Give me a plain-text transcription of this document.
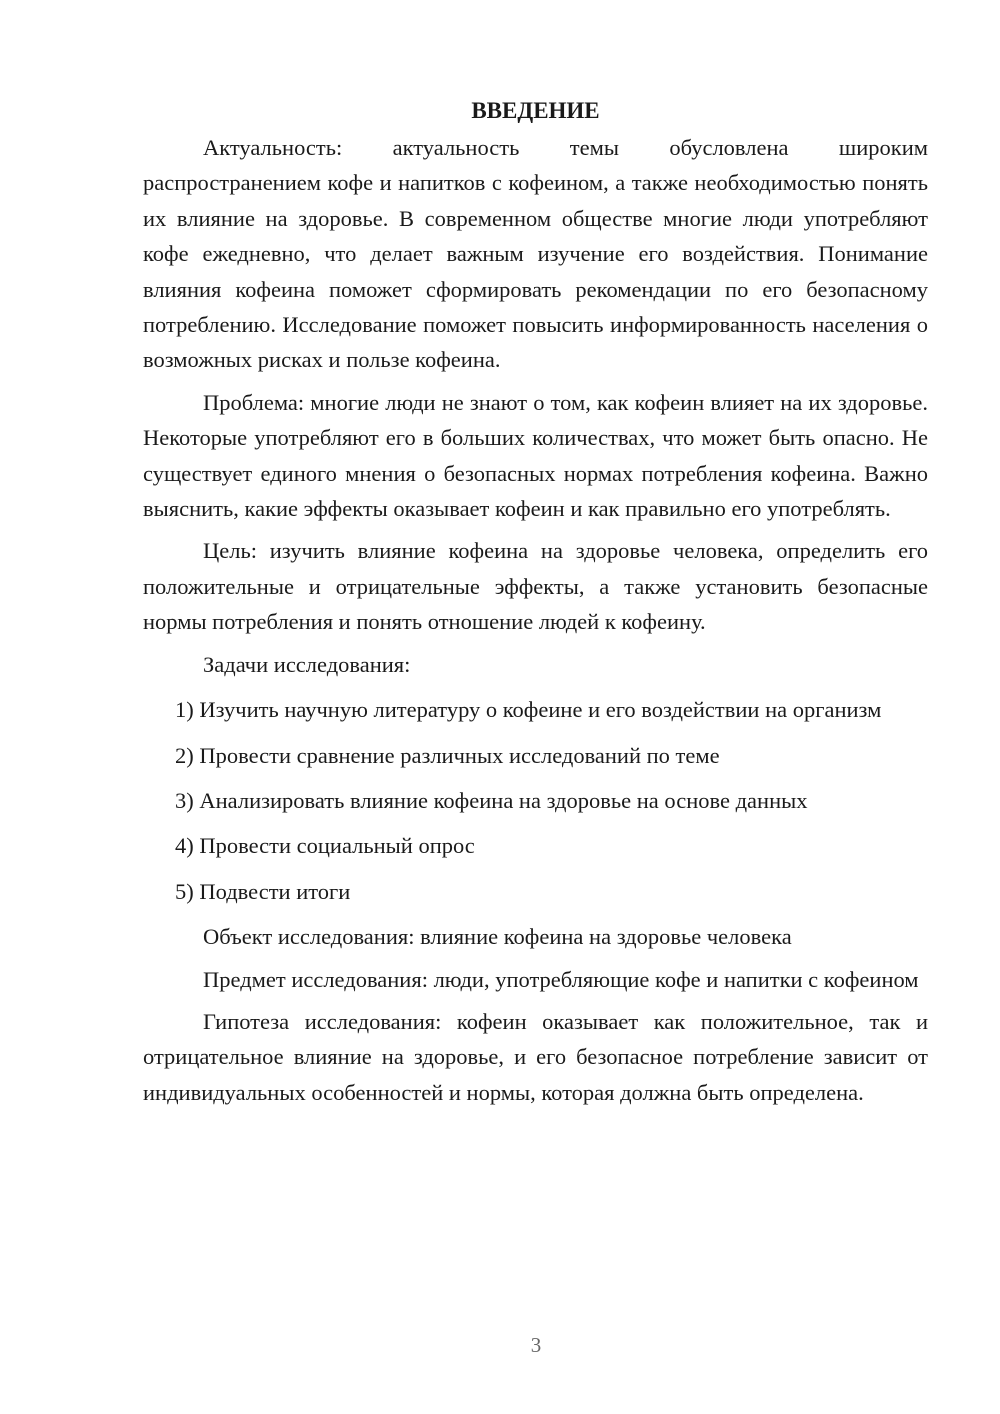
ВВЕДЕНИЕ

Актуальность: актуальность темы обусловлена широким распространением кофе и напитков с кофеином, а также необходимостью понять их влияние на здоровье. В современном обществе многие люди употребляют кофе ежедневно, что делает важным изучение его воздействия. Понимание влияния кофеина поможет сформировать рекомендации по его безопасному потреблению. Исследование поможет повысить информированность населения о возможных рисках и пользе кофеина.

Проблема: многие люди не знают о том, как кофеин влияет на их здоровье. Некоторые употребляют его в больших количествах, что может быть опасно. Не существует единого мнения о безопасных нормах потребления кофеина. Важно выяснить, какие эффекты оказывает кофеин и как правильно его употреблять.

Цель: изучить влияние кофеина на здоровье человека, определить его положительные и отрицательные эффекты, а также установить безопасные нормы потребления и понять отношение людей к кофеину.

Задачи исследования:

1) Изучить научную литературу о кофеине и его воздействии на организм

2) Провести сравнение различных исследований по теме

3) Анализировать влияние кофеина на здоровье на основе данных

4) Провести социальный опрос

5) Подвести итоги

Объект исследования: влияние кофеина на здоровье человека

Предмет исследования: люди, употребляющие кофе и напитки с кофеином

Гипотеза исследования: кофеин оказывает как положительное, так и отрицательное влияние на здоровье, и его безопасное потребление зависит от индивидуальных особенностей и нормы, которая должна быть определена.

3
